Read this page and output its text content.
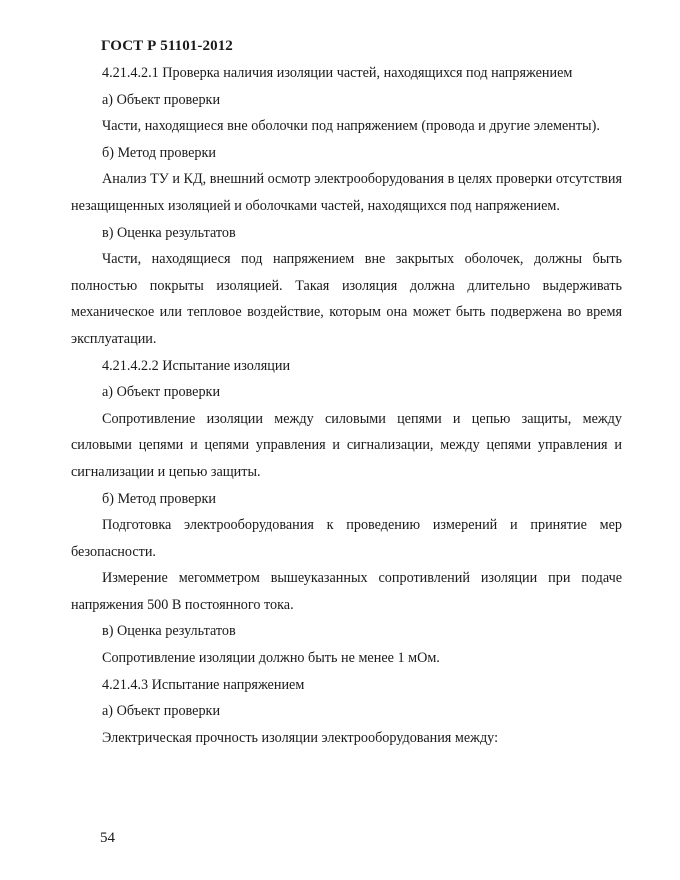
ГОСТ Р 51101-2012

4.21.4.2.1 Проверка наличия изоляции частей, находящихся под напряжением

а) Объект проверки

Части, находящиеся вне оболочки под напряжением (провода и другие элементы).

б) Метод проверки

Анализ ТУ и КД, внешний осмотр электрооборудования в целях проверки отсутствия незащищенных изоляцией и оболочками частей, находящихся под напряжением.

в) Оценка результатов

Части, находящиеся под напряжением вне закрытых оболочек, должны быть полностью покрыты изоляцией. Такая изоляция должна длительно выдерживать механическое или тепловое воздействие, которым она может быть подвержена во время эксплуатации.

4.21.4.2.2 Испытание изоляции

а) Объект проверки

Сопротивление изоляции между силовыми цепями и цепью защиты, между силовыми цепями и цепями управления и сигнализации, между цепями управления и сигнализации и цепью защиты.

б) Метод проверки

Подготовка электрооборудования к проведению измерений и принятие мер безопасности.

Измерение мегомметром вышеуказанных сопротивлений изоляции при подаче напряжения 500 В постоянного тока.

в) Оценка результатов

Сопротивление изоляции должно быть не менее 1 мОм.

4.21.4.3 Испытание напряжением

а) Объект проверки

Электрическая прочность изоляции электрооборудования между:

54
